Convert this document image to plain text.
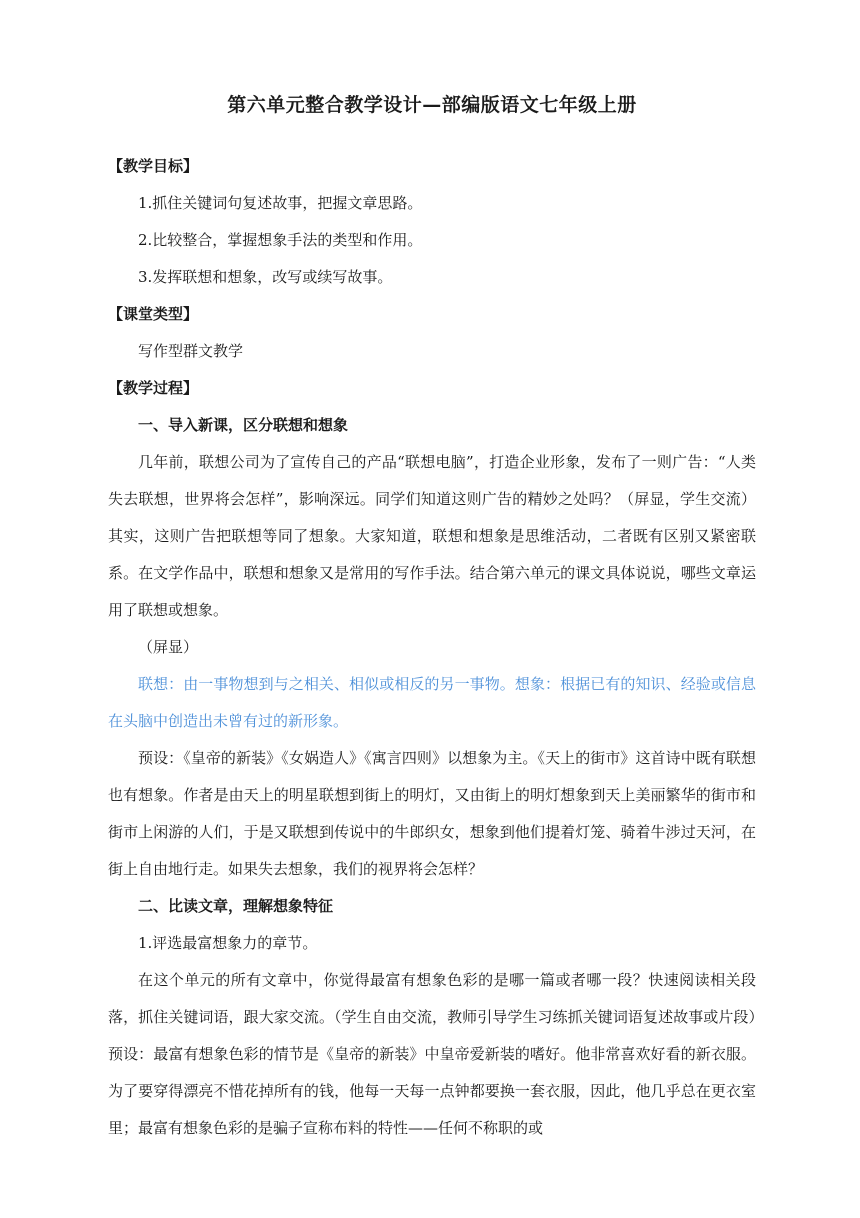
第六单元整合教学设计—部编版语文七年级上册

【教学目标】

1.抓住关键词句复述故事，把握文章思路。

2.比较整合，掌握想象手法的类型和作用。

3.发挥联想和想象，改写或续写故事。

【课堂类型】

写作型群文教学

【教学过程】

一、导入新课，区分联想和想象

几年前，联想公司为了宣传自己的产品“联想电脑”，打造企业形象，发布了一则广告：“人类失去联想，世界将会怎样”，影响深远。同学们知道这则广告的精妙之处吗？（屏显，学生交流）其实，这则广告把联想等同了想象。大家知道，联想和想象是思维活动，二者既有区别又紧密联系。在文学作品中，联想和想象又是常用的写作手法。结合第六单元的课文具体说说，哪些文章运用了联想或想象。

（屏显）

联想：由一事物想到与之相关、相似或相反的另一事物。想象：根据已有的知识、经验或信息在头脑中创造出未曾有过的新形象。

预设：《皇帝的新装》《女娲造人》《寓言四则》以想象为主。《天上的街市》这首诗中既有联想也有想象。作者是由天上的明星联想到街上的明灯，又由街上的明灯想象到天上美丽繁华的街市和街市上闲游的人们，于是又联想到传说中的牛郎织女，想象到他们提着灯笼、骑着牛涉过天河，在街上自由地行走。如果失去想象，我们的视界将会怎样？

二、比读文章，理解想象特征

1.评选最富想象力的章节。

在这个单元的所有文章中，你觉得最富有想象色彩的是哪一篇或者哪一段？快速阅读相关段落，抓住关键词语，跟大家交流。（学生自由交流，教师引导学生习练抓关键词语复述故事或片段）预设：最富有想象色彩的情节是《皇帝的新装》中皇帝爱新装的嗜好。他非常喜欢好看的新衣服。为了要穿得漂亮不惜花掉所有的钱，他每一天每一点钟都要换一套衣服，因此，他几乎总在更衣室里；最富有想象色彩的是骗子宣称布料的特性——任何不称职的或
